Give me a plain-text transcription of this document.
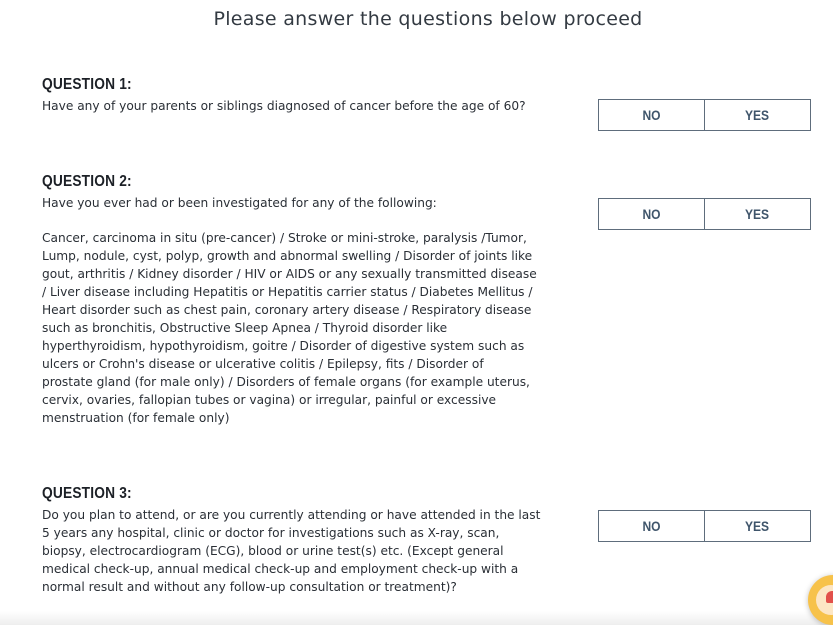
Please answer the questions below proceed
QUESTION 1:
Have any of your parents or siblings diagnosed of cancer before the age of 60?
NO	YES
QUESTION 2:
Have you ever had or been investigated for any of the following:
Cancer, carcinoma in situ (pre-cancer) / Stroke or mini-stroke, paralysis /Tumor, Lump, nodule, cyst, polyp, growth and abnormal swelling / Disorder of joints like gout, arthritis / Kidney disorder / HIV or AIDS or any sexually transmitted disease / Liver disease including Hepatitis or Hepatitis carrier status / Diabetes Mellitus / Heart disorder such as chest pain, coronary artery disease / Respiratory disease such as bronchitis, Obstructive Sleep Apnea / Thyroid disorder like hyperthyroidism, hypothyroidism, goitre / Disorder of digestive system such as ulcers or Crohn's disease or ulcerative colitis / Epilepsy, fits / Disorder of prostate gland (for male only) / Disorders of female organs (for example uterus, cervix, ovaries, fallopian tubes or vagina) or irregular, painful or excessive menstruation (for female only)
NO	YES
QUESTION 3:
Do you plan to attend, or are you currently attending or have attended in the last 5 years any hospital, clinic or doctor for investigations such as X-ray, scan, biopsy, electrocardiogram (ECG), blood or urine test(s) etc. (Except general medical check-up, annual medical check-up and employment check-up with a normal result and without any follow-up consultation or treatment)?
NO	YES
